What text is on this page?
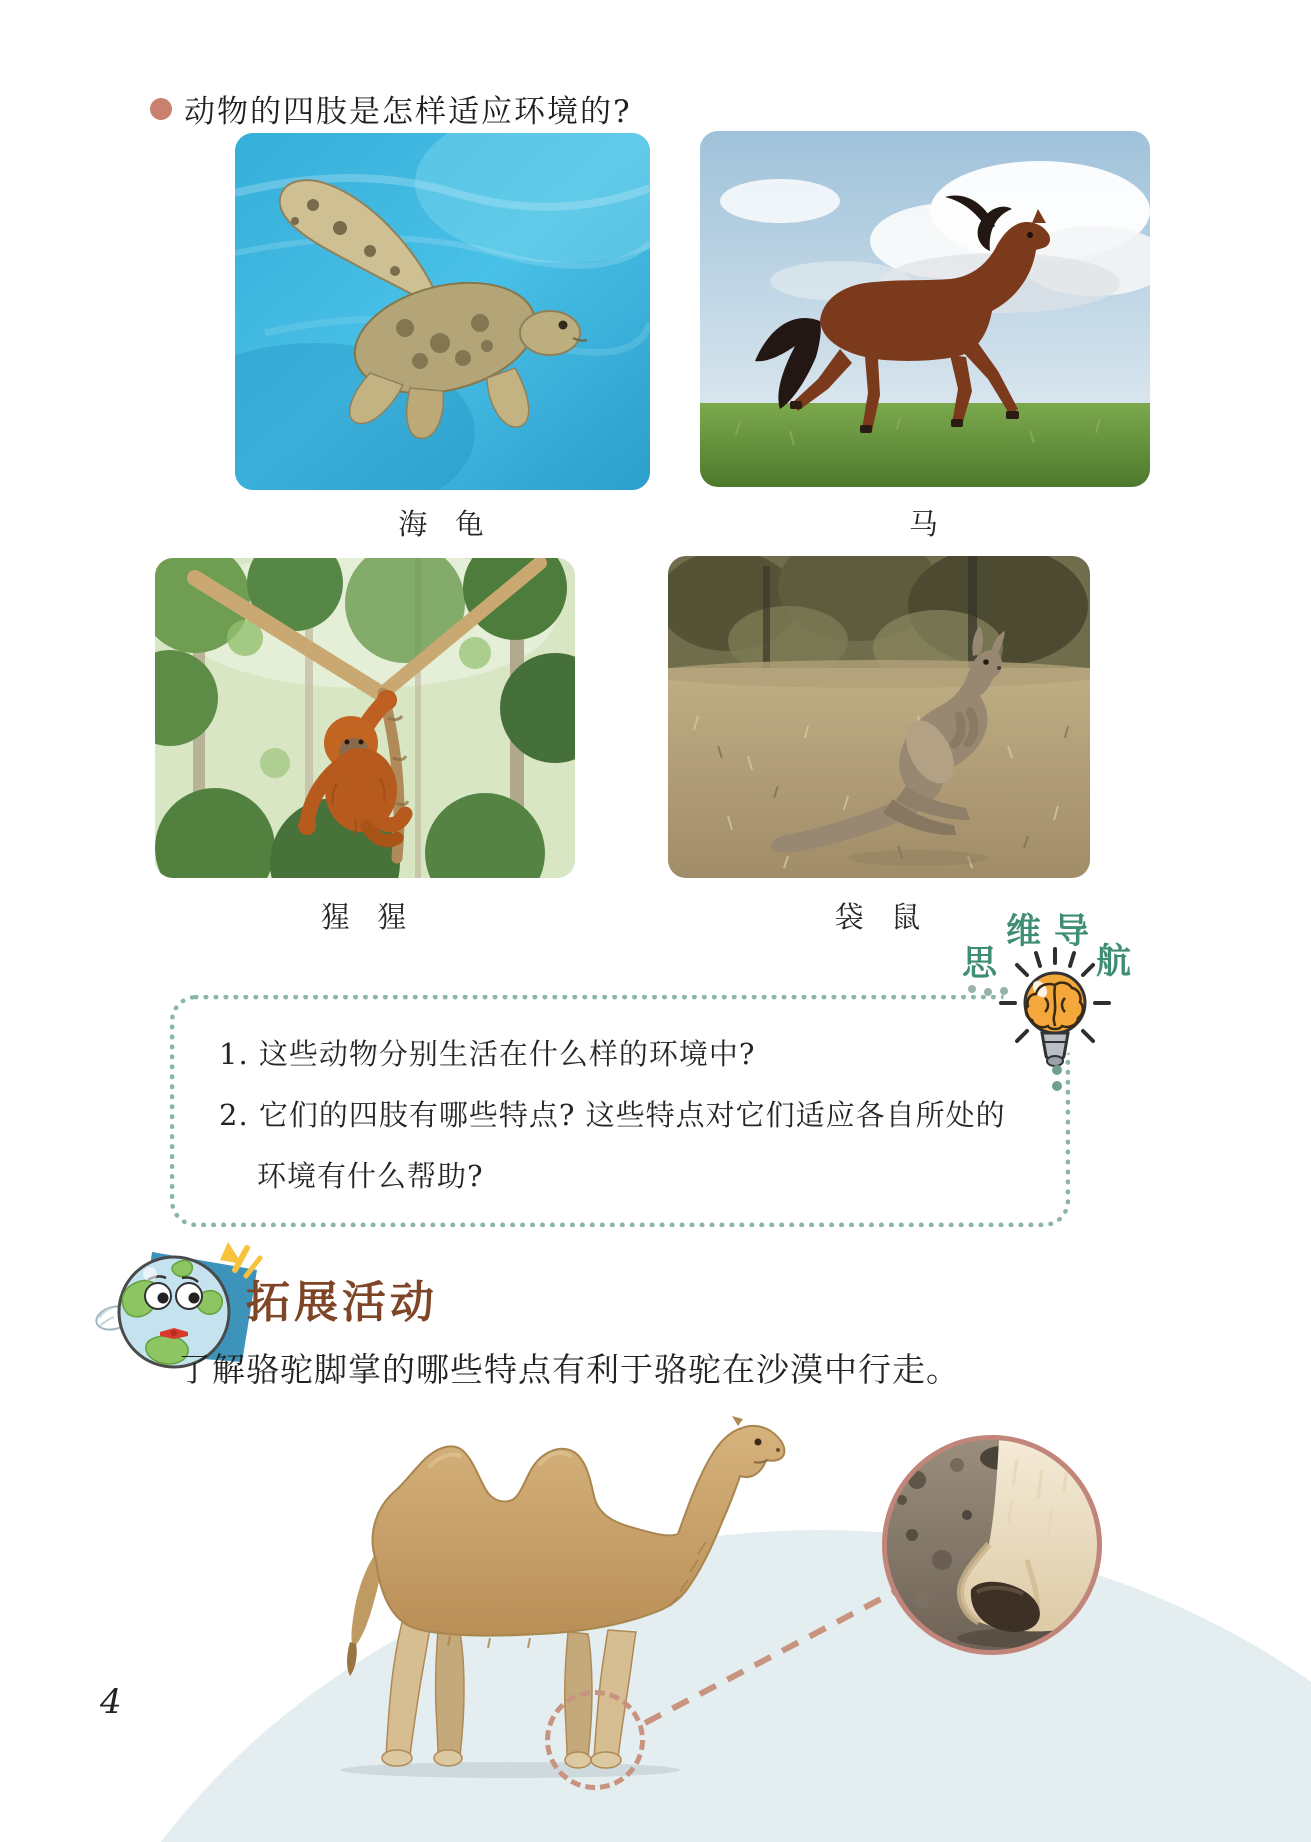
动物的四肢是怎样适应环境的?
海  龟	马
猩  猩	袋  鼠
思
维 导
航
1. 这些动物分别生活在什么样的环境中?
2. 它们的四肢有哪些特点? 这些特点对它们适应各自所处的
环境有什么帮助?
拓展活动
了解骆驼脚掌的哪些特点有利于骆驼在沙漠中行走。
4
